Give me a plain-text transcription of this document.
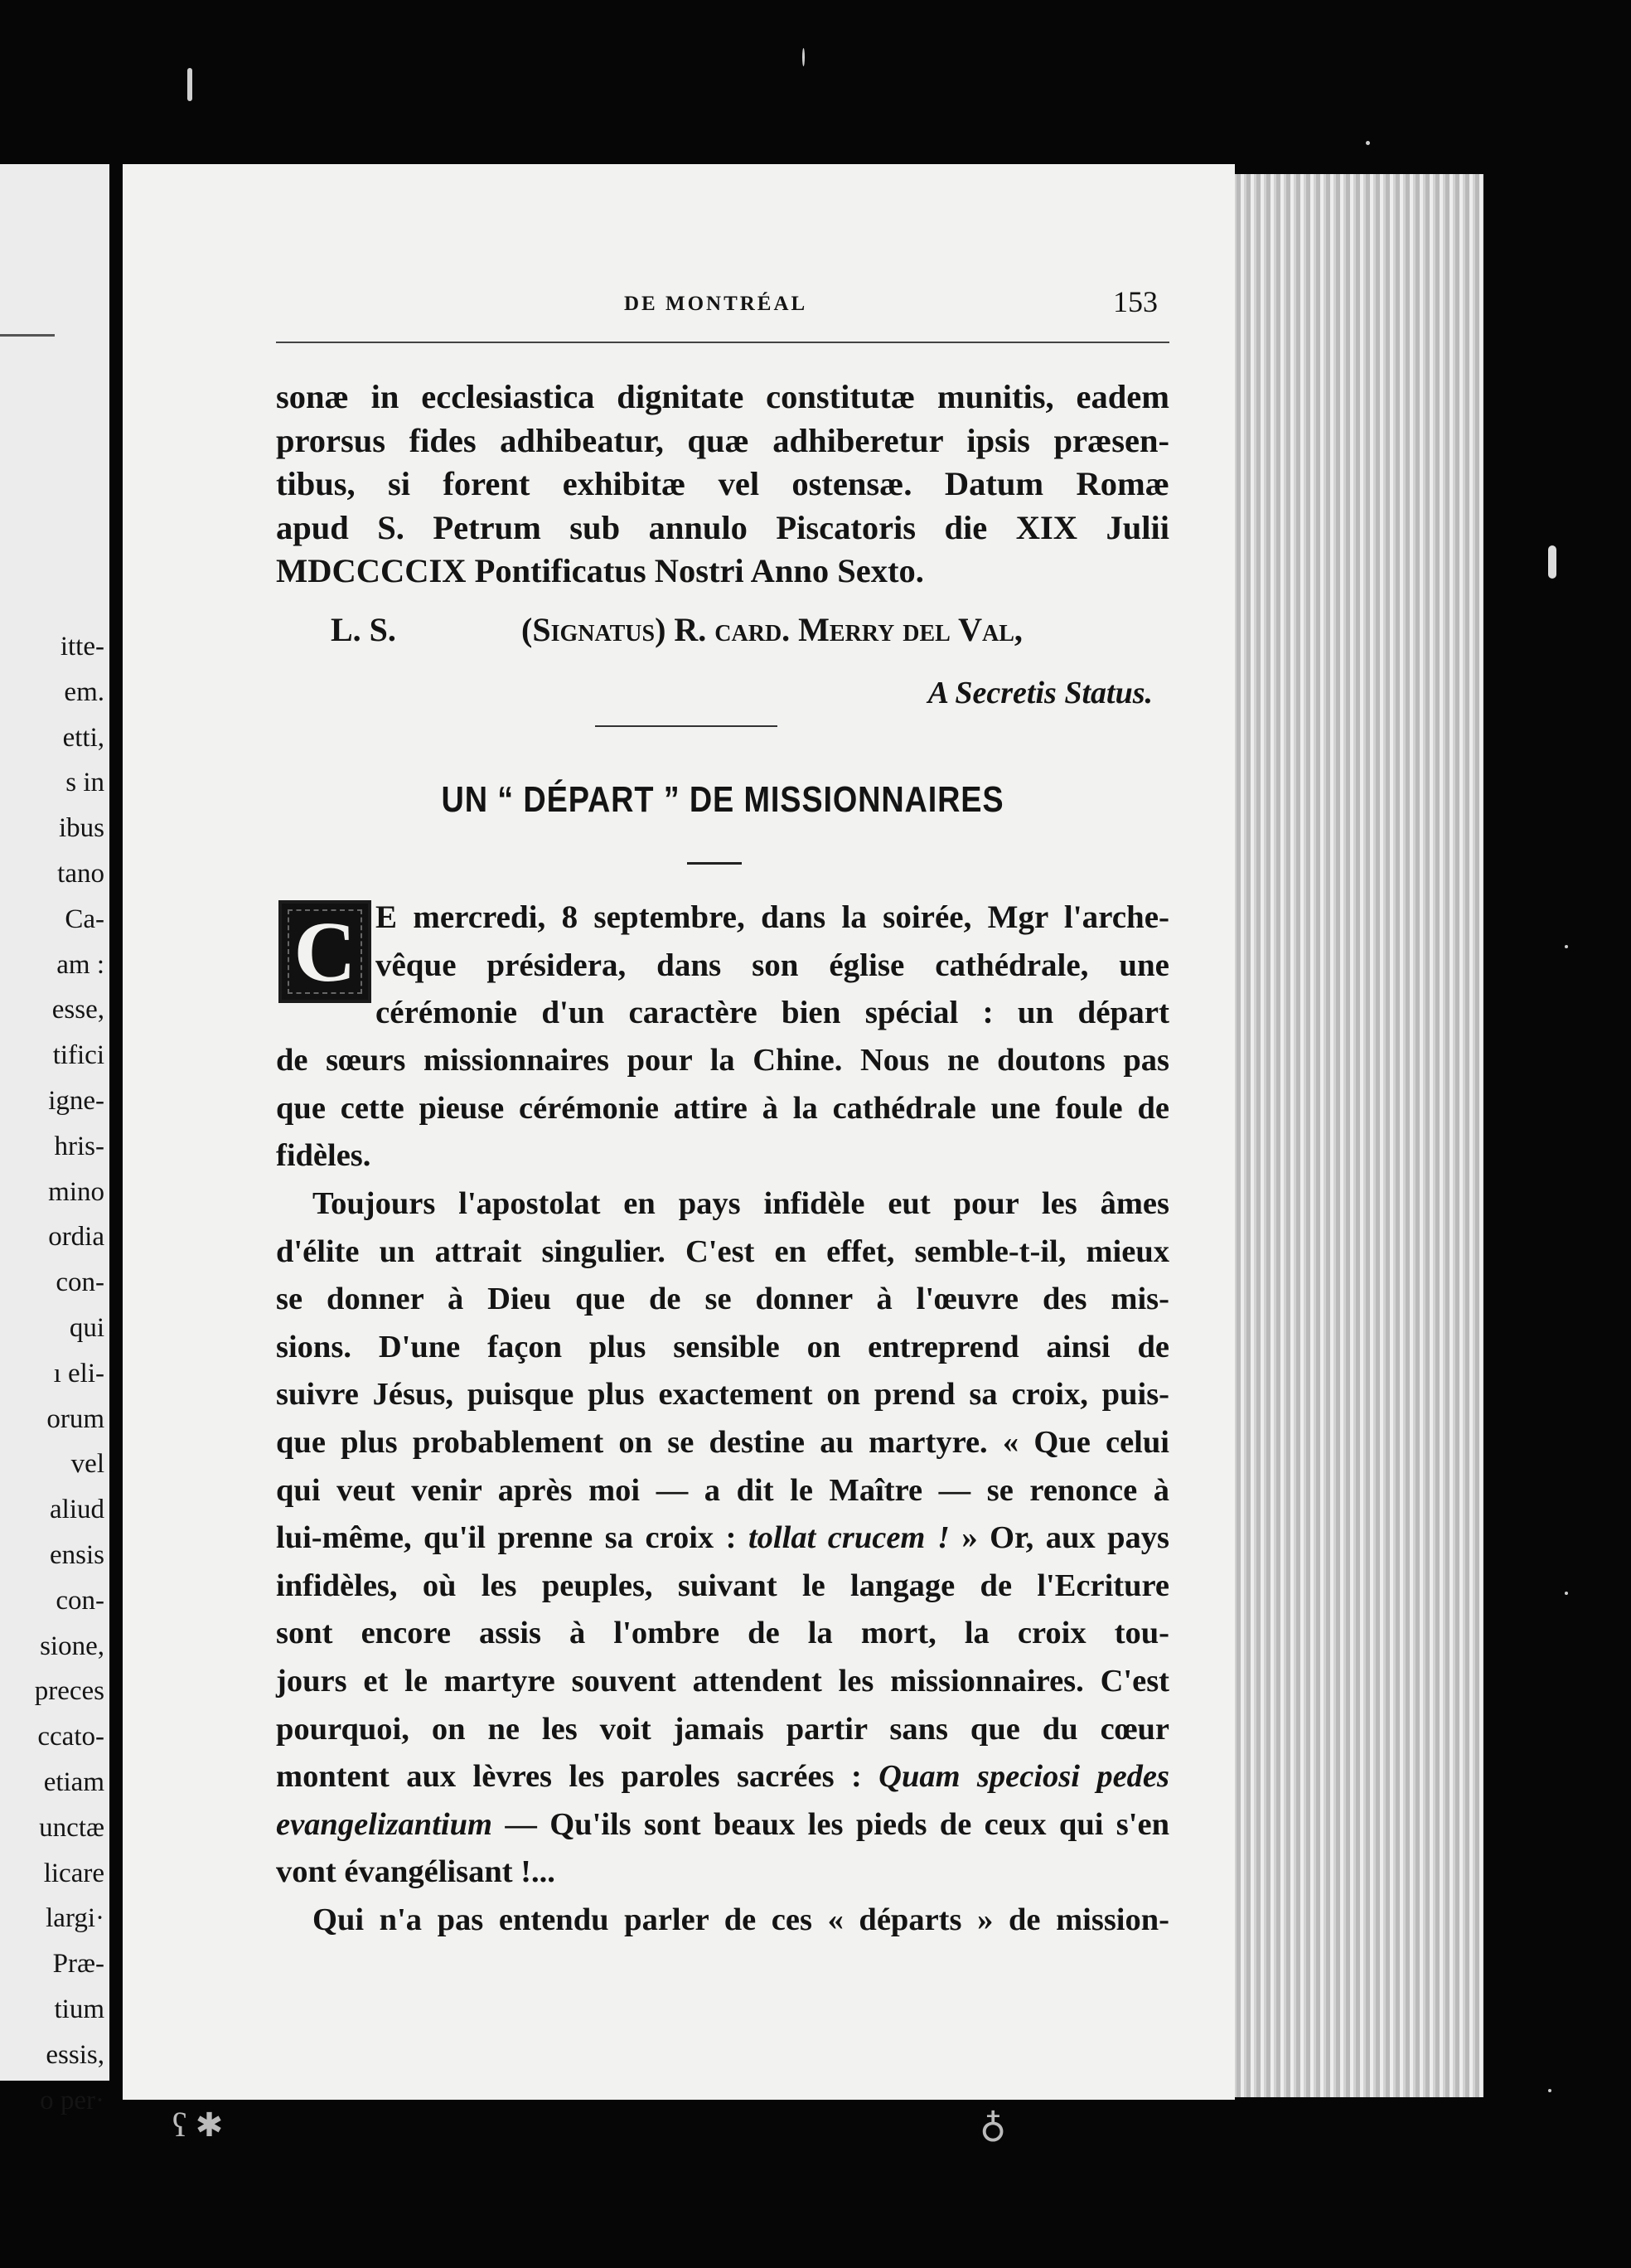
itte-
em.
etti,
s in
ibus
tano
Ca-
am :
esse,
tifici
igne-
hris-
mino
ordia
con-
qui
ı eli-
orum
vel
aliud
ensis
con-
sione,
preces
ccato-
etiam
unctæ
licare
largi·
Præ-
tium
essis,
o per·
DE MONTRÉAL	153
sonæ in ecclesiastica dignitate constitutæ munitis, eadem
prorsus fides adhibeatur, quæ adhiberetur ipsis præsen-
tibus, si forent exhibitæ vel ostensæ. Datum Romæ
apud S. Petrum sub annulo Piscatoris die XIX Julii
MDCCCCIX Pontificatus Nostri Anno Sexto.
L. S.	(Signatus) R. card. Merry del Val,
A Secretis Status.
UN “ DÉPART ” DE MISSIONNAIRES
C E mercredi, 8 septembre, dans la soirée, Mgr l'arche-
vêque présidera, dans son église cathédrale, une
cérémonie d'un caractère bien spécial : un départ
de sœurs missionnaires pour la Chine. Nous ne doutons pas
que cette pieuse cérémonie attire à la cathédrale une foule de
fidèles.
Toujours l'apostolat en pays infidèle eut pour les âmes
d'élite un attrait singulier. C'est en effet, semble-t-il, mieux
se donner à Dieu que de se donner à l'œuvre des mis-
sions. D'une façon plus sensible on entreprend ainsi de
suivre Jésus, puisque plus exactement on prend sa croix, puis-
que plus probablement on se destine au martyre. « Que celui
qui veut venir après moi — a dit le Maître — se renonce à
lui-même, qu'il prenne sa croix : tollat crucem ! » Or, aux pays
infidèles, où les peuples, suivant le langage de l'Ecriture
sont encore assis à l'ombre de la mort, la croix tou-
jours et le martyre souvent attendent les missionnaires. C'est
pourquoi, on ne les voit jamais partir sans que du cœur
montent aux lèvres les paroles sacrées : Quam speciosi pedes
evangelizantium — Qu'ils sont beaux les pieds de ceux qui s'en
vont évangélisant !...
Qui n'a pas entendu parler de ces « départs » de mission-
ʕ ✱	♁
